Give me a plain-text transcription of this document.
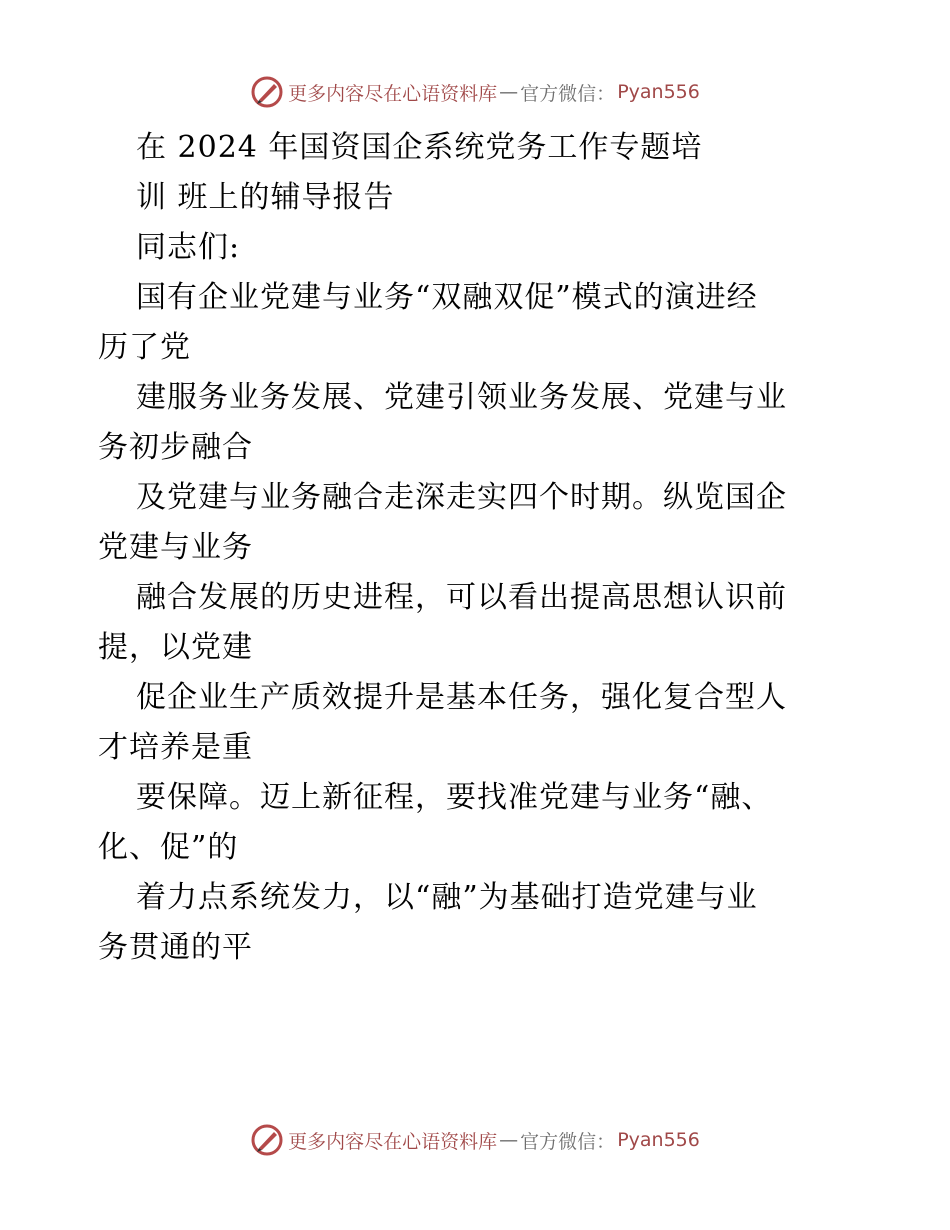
更多内容尽在心语资料库 — 官方微信： Pyan556
在 2024 年国资国企系统党务工作专题培
训 班上的辅导报告
同志们:
国有企业党建与业务“双融双促”模式的演进经
历了党
建服务业务发展、党建引领业务发展、党建与业
务初步融合
及党建与业务融合走深走实四个时期。纵览国企
党建与业务
融合发展的历史进程，可以看出提高思想认识前
提，以党建
促企业生产质效提升是基本任务，强化复合型人
才培养是重
要保障。迈上新征程，要找准党建与业务“融、
化、促”的
着力点系统发力，以“融”为基础打造党建与业
务贯通的平
更多内容尽在心语资料库 — 官方微信： Pyan556
